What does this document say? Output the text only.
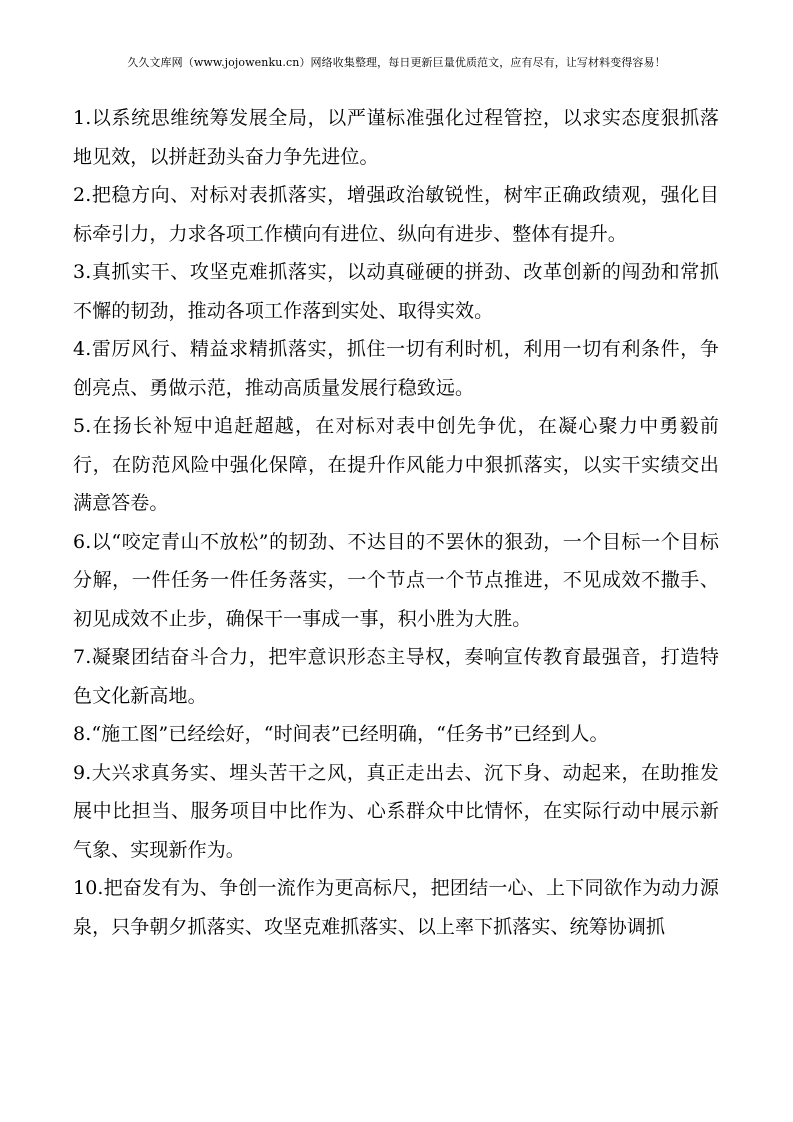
久久文库网（www.jojowenku.cn）网络收集整理，每日更新巨量优质范文，应有尽有，让写材料变得容易！

1.以系统思维统筹发展全局，以严谨标准强化过程管控，以求实态度狠抓落地见效，以拼赶劲头奋力争先进位。

2.把稳方向、对标对表抓落实，增强政治敏锐性，树牢正确政绩观，强化目标牵引力，力求各项工作横向有进位、纵向有进步、整体有提升。

3.真抓实干、攻坚克难抓落实，以动真碰硬的拼劲、改革创新的闯劲和常抓不懈的韧劲，推动各项工作落到实处、取得实效。

4.雷厉风行、精益求精抓落实，抓住一切有利时机，利用一切有利条件，争创亮点、勇做示范，推动高质量发展行稳致远。

5.在扬长补短中追赶超越，在对标对表中创先争优，在凝心聚力中勇毅前行，在防范风险中强化保障，在提升作风能力中狠抓落实，以实干实绩交出满意答卷。

6.以“咬定青山不放松”的韧劲、不达目的不罢休的狠劲，一个目标一个目标分解，一件任务一件任务落实，一个节点一个节点推进，不见成效不撒手、初见成效不止步，确保干一事成一事，积小胜为大胜。

7.凝聚团结奋斗合力，把牢意识形态主导权，奏响宣传教育最强音，打造特色文化新高地。

8.“施工图”已经绘好，“时间表”已经明确，“任务书”已经到人。

9.大兴求真务实、埋头苦干之风，真正走出去、沉下身、动起来，在助推发展中比担当、服务项目中比作为、心系群众中比情怀，在实际行动中展示新气象、实现新作为。

10.把奋发有为、争创一流作为更高标尺，把团结一心、上下同欲作为动力源泉，只争朝夕抓落实、攻坚克难抓落实、以上率下抓落实、统筹协调抓
